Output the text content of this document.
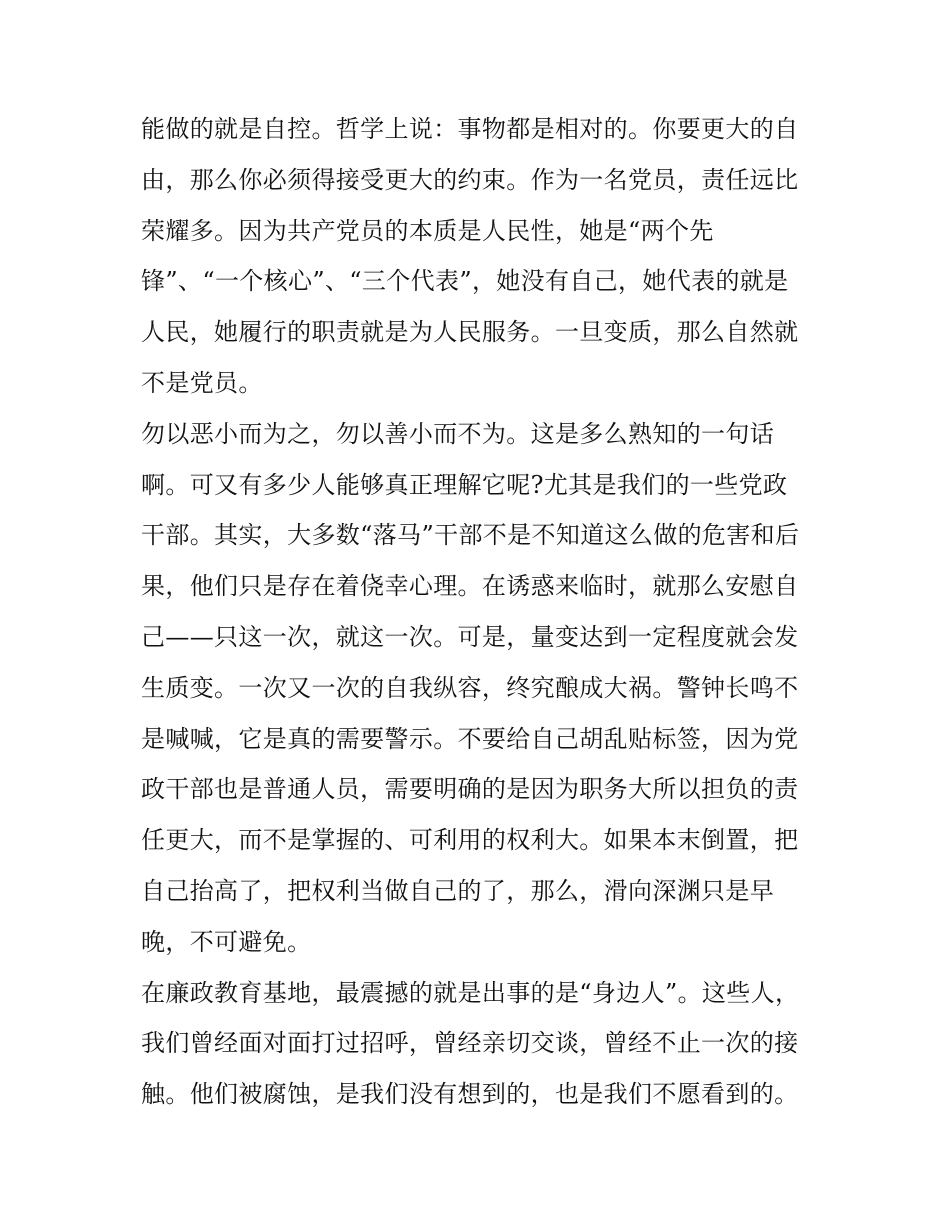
能做的就是自控。哲学上说：事物都是相对的。你要更大的自
由，那么你必须得接受更大的约束。作为一名党员，责任远比
荣耀多。因为共产党员的本质是人民性，她是“两个先
锋”、“一个核心”、“三个代表”，她没有自己，她代表的就是
人民，她履行的职责就是为人民服务。一旦变质，那么自然就
不是党员。
勿以恶小而为之，勿以善小而不为。这是多么熟知的一句话
啊。可又有多少人能够真正理解它呢?尤其是我们的一些党政
干部。其实，大多数“落马”干部不是不知道这么做的危害和后
果，他们只是存在着侥幸心理。在诱惑来临时，就那么安慰自
己——只这一次，就这一次。可是，量变达到一定程度就会发
生质变。一次又一次的自我纵容，终究酿成大祸。警钟长鸣不
是喊喊，它是真的需要警示。不要给自己胡乱贴标签，因为党
政干部也是普通人员，需要明确的是因为职务大所以担负的责
任更大，而不是掌握的、可利用的权利大。如果本末倒置，把
自己抬高了，把权利当做自己的了，那么，滑向深渊只是早
晚，不可避免。
在廉政教育基地，最震撼的就是出事的是“身边人”。这些人，
我们曾经面对面打过招呼，曾经亲切交谈，曾经不止一次的接
触。他们被腐蚀，是我们没有想到的，也是我们不愿看到的。
